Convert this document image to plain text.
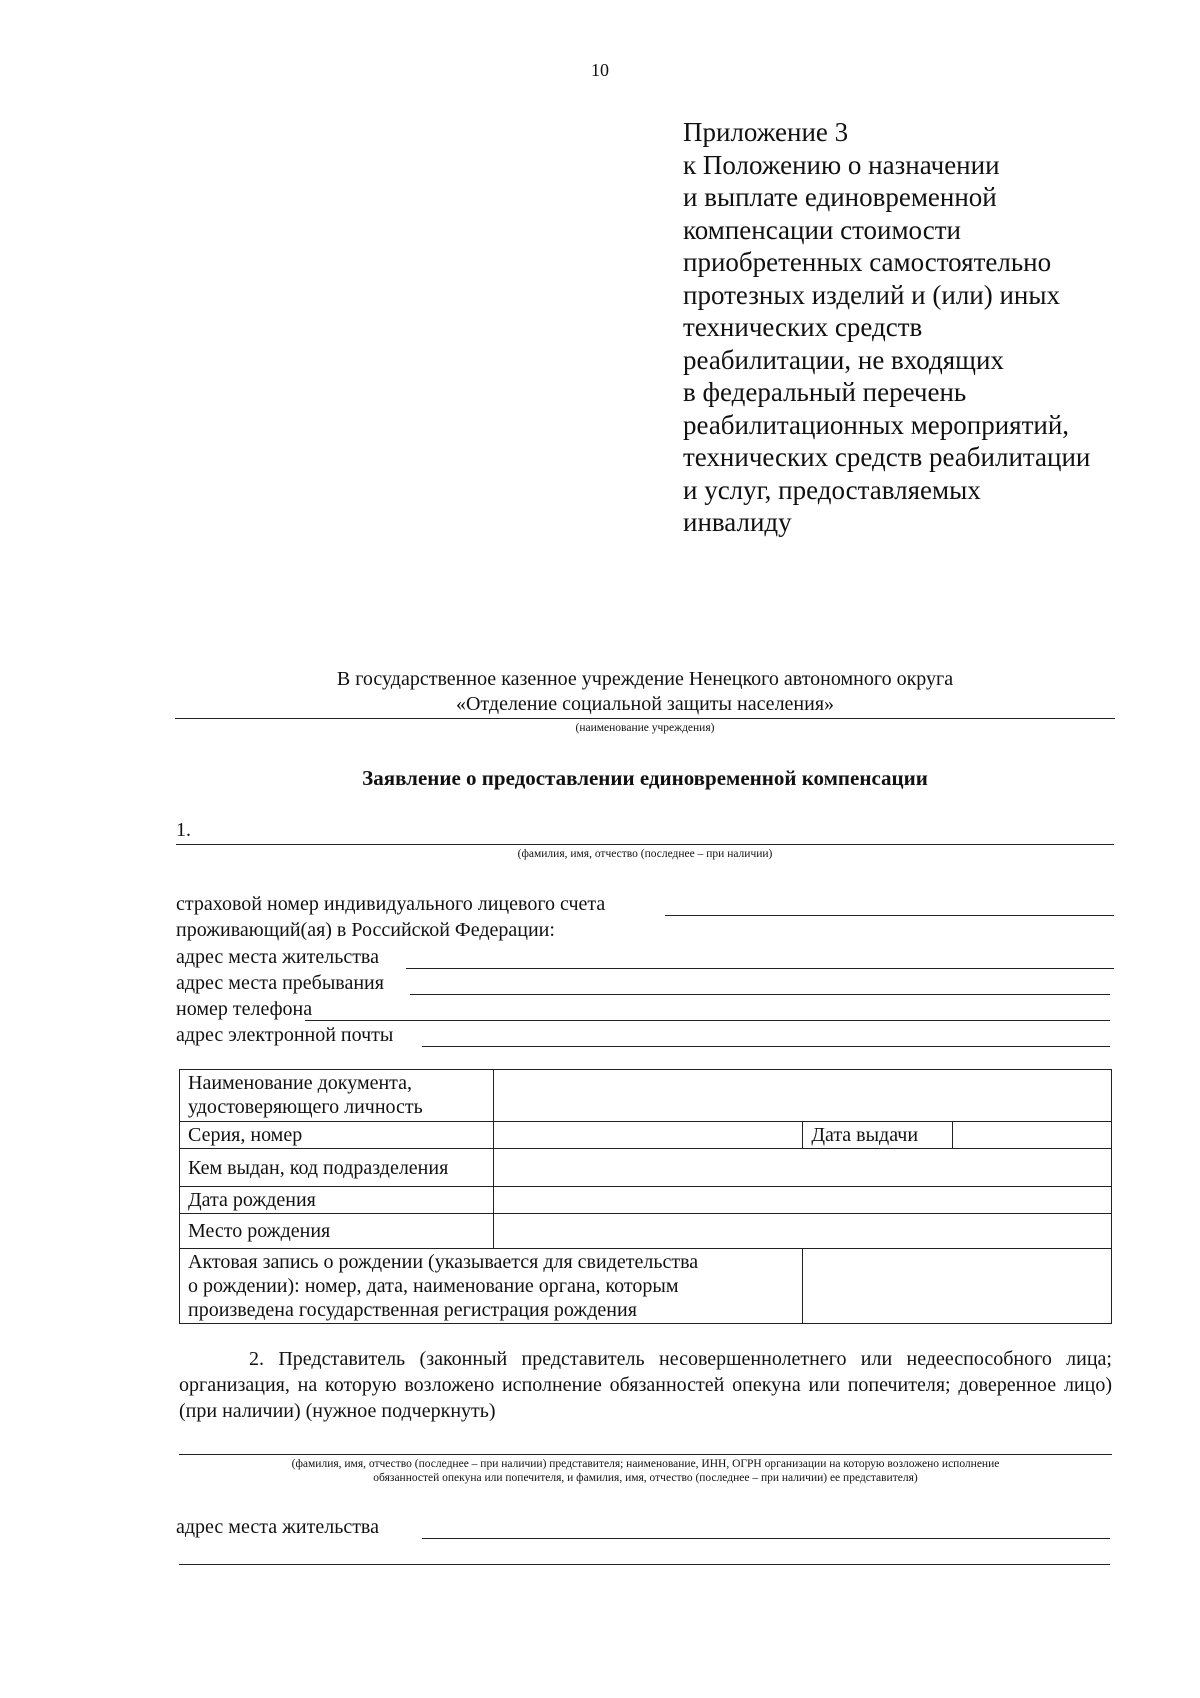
10
Приложение 3
к Положению о назначении
и выплате единовременной
компенсации стоимости
приобретенных самостоятельно
протезных изделий и (или) иных
технических средств
реабилитации, не входящих
в федеральный перечень
реабилитационных мероприятий,
технических средств реабилитации
и услуг, предоставляемых
инвалиду
В государственное казенное учреждение Ненецкого автономного округа
«Отделение социальной защиты населения»
(наименование учреждения)
Заявление о предоставлении единовременной компенсации
1.
(фамилия, имя, отчество (последнее – при наличии)
страховой номер индивидуального лицевого счета
проживающий(ая) в Российской Федерации:
адрес места жительства
адрес места пребывания
номер телефона
адрес электронной почты
Наименование документа,
удостоверяющего личность			

Серия, номер		Дата выдачи	
Кем выдан, код подразделения			
Дата рождения			
Место рождения			

Актовая запись о рождении (указывается для свидетельства
о рождении): номер, дата, наименование органа, которым
произведена государственная регистрация рождения			

2. Представитель (законный представитель несовершеннолетнего или недееспособного лица; организация, на которую возложено исполнение обязанностей опекуна или попечителя; доверенное лицо) (при наличии) (нужное подчеркнуть)
(фамилия, имя, отчество (последнее – при наличии) представителя; наименование, ИНН, ОГРН организации на которую возложено исполнение
обязанностей опекуна или попечителя, и фамилия, имя, отчество (последнее – при наличии) ее представителя)
адрес места жительства
